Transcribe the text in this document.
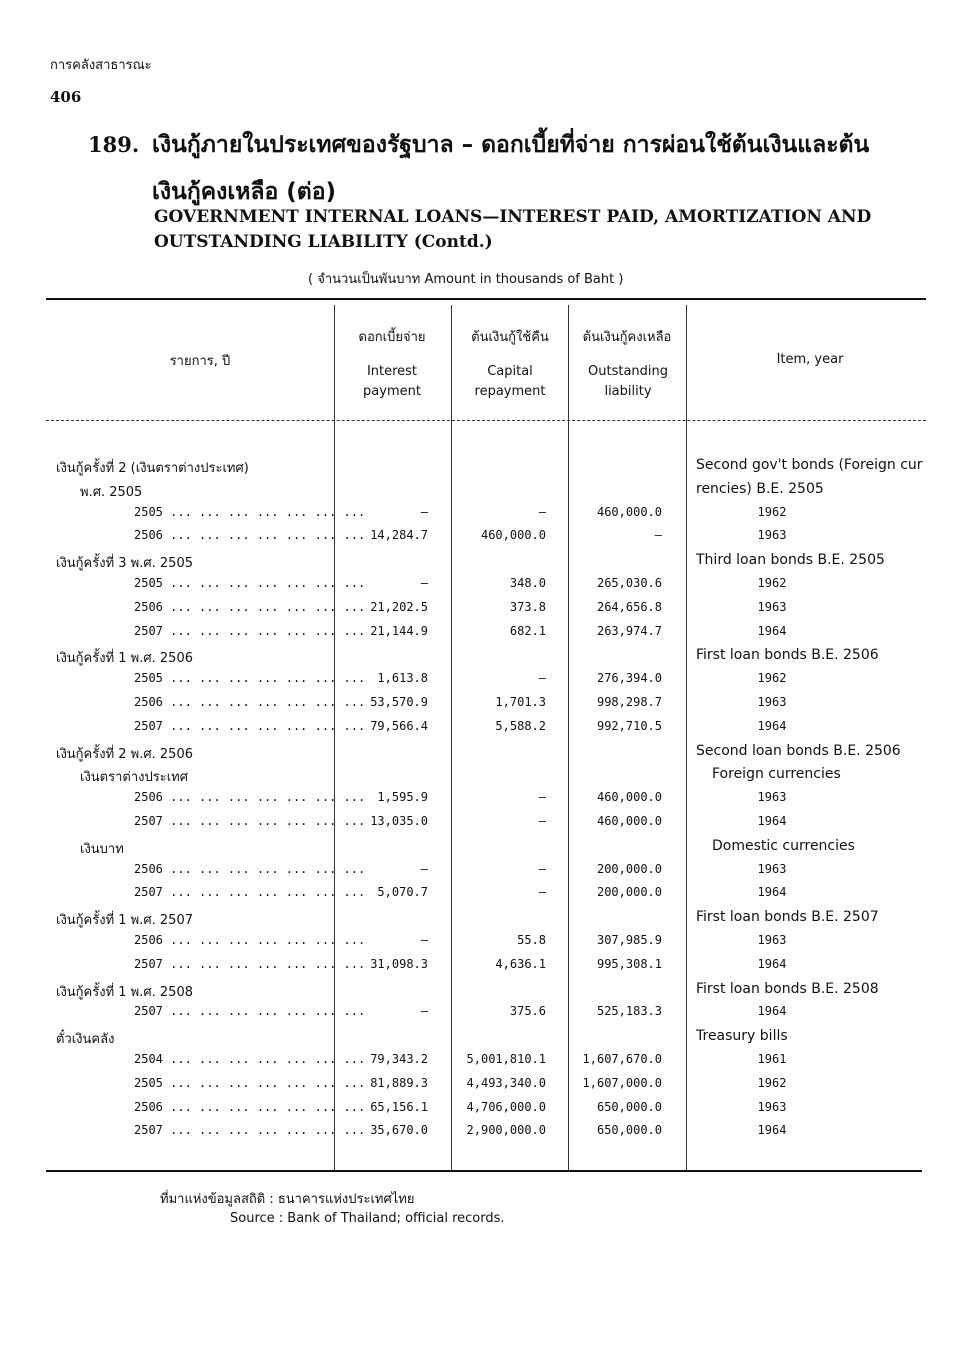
การคลังสาธารณะ
406
189. เงินกู้ภายในประเทศของรัฐบาล – ดอกเบี้ยที่จ่าย การผ่อนใช้ต้นเงินและต้น
เงินกู้คงเหลือ (ต่อ)
GOVERNMENT INTERNAL LOANS—INTEREST PAID, AMORTIZATION AND
OUTSTANDING LIABILITY (Contd.)
( จำนวนเป็นพันบาท Amount in thousands of Baht )
รายการ, ปี
ดอกเบี้ยจ่าย
Interest payment
ต้นเงินกู้ใช้คืน
Capital repayment
ต้นเงินกู้คงเหลือ
Outstanding liability
Item, year
เงินกู้ครั้งที่ 2 (เงินตราต่างประเทศ)	Second gov't bonds (Foreign cur
พ.ศ. 2505	rencies) B.E. 2505
2505 ... ... ... ... ... ... ...	—	—	460,000.0	1962
2506 ... ... ... ... ... ... ... 14,284.7	460,000.0	—	1963
เงินกู้ครั้งที่ 3 พ.ศ. 2505	Third loan bonds B.E. 2505
2505 ... ... ... ... ... ... ...	—	348.0	265,030.6	1962
2506 ... ... ... ... ... ... ... 21,202.5	373.8	264,656.8	1963
2507 ... ... ... ... ... ... ... 21,144.9	682.1	263,974.7	1964
เงินกู้ครั้งที่ 1 พ.ศ. 2506	First loan bonds B.E. 2506
2505 ... ... ... ... ... ... ... 1,613.8	—	276,394.0	1962
2506 ... ... ... ... ... ... ... 53,570.9	1,701.3	998,298.7	1963
2507 ... ... ... ... ... ... ... 79,566.4	5,588.2	992,710.5	1964
เงินกู้ครั้งที่ 2 พ.ศ. 2506	Second loan bonds B.E. 2506
เงินตราต่างประเทศ	Foreign currencies
2506 ... ... ... ... ... ... ... 1,595.9	—	460,000.0	1963
2507 ... ... ... ... ... ... ... 13,035.0	—	460,000.0	1964
เงินบาท	Domestic currencies
2506 ... ... ... ... ... ... ...	—	—	200,000.0	1963
2507 ... ... ... ... ... ... ... 5,070.7	—	200,000.0	1964
เงินกู้ครั้งที่ 1 พ.ศ. 2507	First loan bonds B.E. 2507
2506 ... ... ... ... ... ... ...	—	55.8	307,985.9	1963
2507 ... ... ... ... ... ... ... 31,098.3	4,636.1	995,308.1	1964
เงินกู้ครั้งที่ 1 พ.ศ. 2508	First loan bonds B.E. 2508
2507 ... ... ... ... ... ... ...	—	375.6	525,183.3	1964
ตั๋วเงินคลัง	Treasury bills
2504 ... ... ... ... ... ... ... 79,343.2	5,001,810.1	1,607,670.0	1961
2505 ... ... ... ... ... ... ... 81,889.3	4,493,340.0	1,607,000.0	1962
2506 ... ... ... ... ... ... ... 65,156.1	4,706,000.0	650,000.0	1963
2507 ... ... ... ... ... ... ... 35,670.0	2,900,000.0	650,000.0	1964
ที่มาแห่งข้อมูลสถิติ : ธนาคารแห่งประเทศไทย
Source : Bank of Thailand; official records.
